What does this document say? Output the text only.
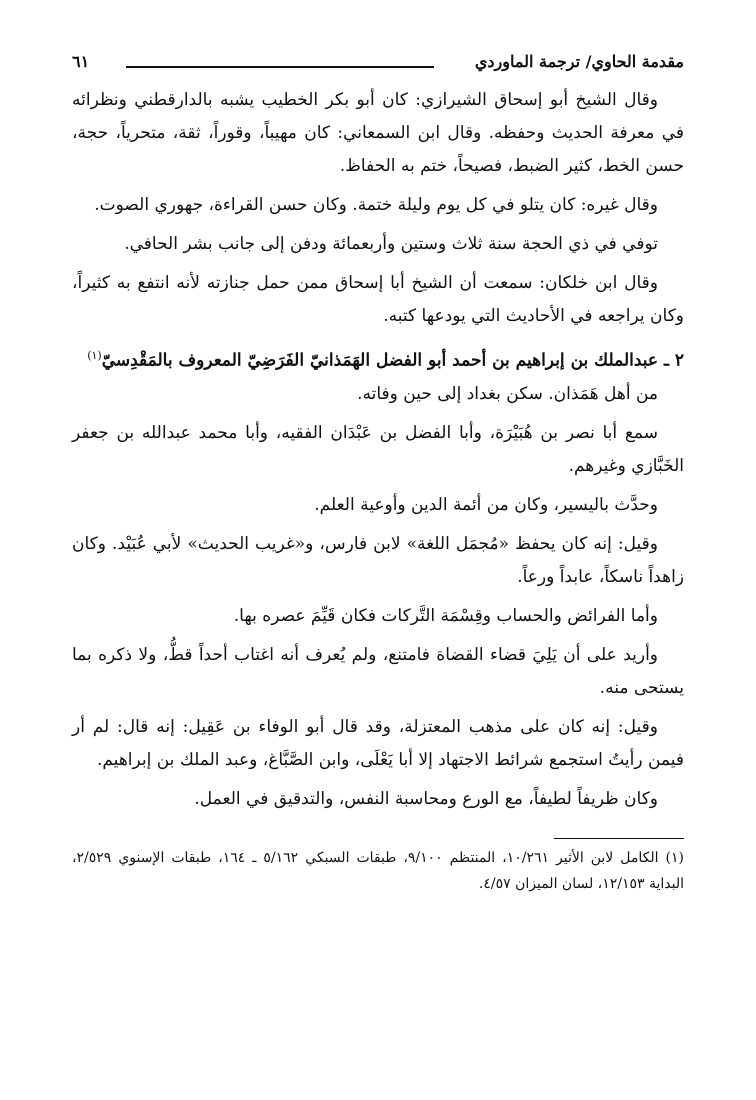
مقدمة الحاوي/ ترجمة الماوردي
٦١

وقال الشيخ أبو إسحاق الشيرازي: كان أبو بكر الخطيب يشبه بالدارقطني ونظرائه في معرفة الحديث وحفظه. وقال ابن السمعاني: كان مهيباً، وقوراً، ثقة، متحرياً، حجة، حسن الخط، كثير الضبط، فصيحاً، ختم به الحفاظ.

وقال غيره: كان يتلو في كل يوم وليلة ختمة. وكان حسن القراءة، جهوري الصوت.

توفي في ذي الحجة سنة ثلاث وستين وأربعمائة ودفن إلى جانب بشر الحافي.

وقال ابن خلكان: سمعت أن الشيخ أبا إسحاق ممن حمل جنازته لأنه انتفع به كثيراً، وكان يراجعه في الأحاديث التي يودعها كتبه.

٢ ـ عبدالملك بن إبراهيم بن أحمد أبو الفضل الهَمَذانيّ الفَرَضِيّ المعروف بالمَقْدِسيّ$^{(١)}$

من أهل هَمَذان. سكن بغداد إلى حين وفاته.

سمع أبا نصر بن هُبَيْرَة، وأبا الفضل بن عَبْدَان الفقيه، وأبا محمد عبدالله بن جعفر الخَبَّازي وغيرهم.

وحدَّث باليسير، وكان من أئمة الدين وأوعية العلم.

وقيل: إنه كان يحفظ «مُجمَل اللغة» لابن فارس، و«غريب الحديث» لأبي عُبَيْد. وكان زاهداً ناسكاً، عابداً ورعاً.

وأما الفرائض والحساب وقِسْمَة التَّركات فكان قَيِّمَ عصره بها.

وأريد على أن يَلِيَ قضاء القضاة فامتنع، ولم يُعرف أنه اغتاب أحداً قطُّ، ولا ذكره بما يستحى منه.

وقيل: إنه كان على مذهب المعتزلة، وقد قال أبو الوفاء بن عَقِيل: إنه قال: لم أر فيمن رأيتُ استجمع شرائط الاجتهاد إلا أبا يَعْلَى، وابن الصَّبَّاغ، وعبد الملك بن إبراهيم.

وكان ظريفاً لطيفاً، مع الورع ومحاسبة النفس، والتدقيق في العمل.

(١) الكامل لابن الأثير ١٠/٢٦١، المنتظم ٩/١٠٠، طبقات السبكي ٥/١٦٢ ـ ١٦٤، طبقات الإسنوي ٢/٥٢٩، البداية ١٢/١٥٣، لسان الميزان ٤/٥٧.
